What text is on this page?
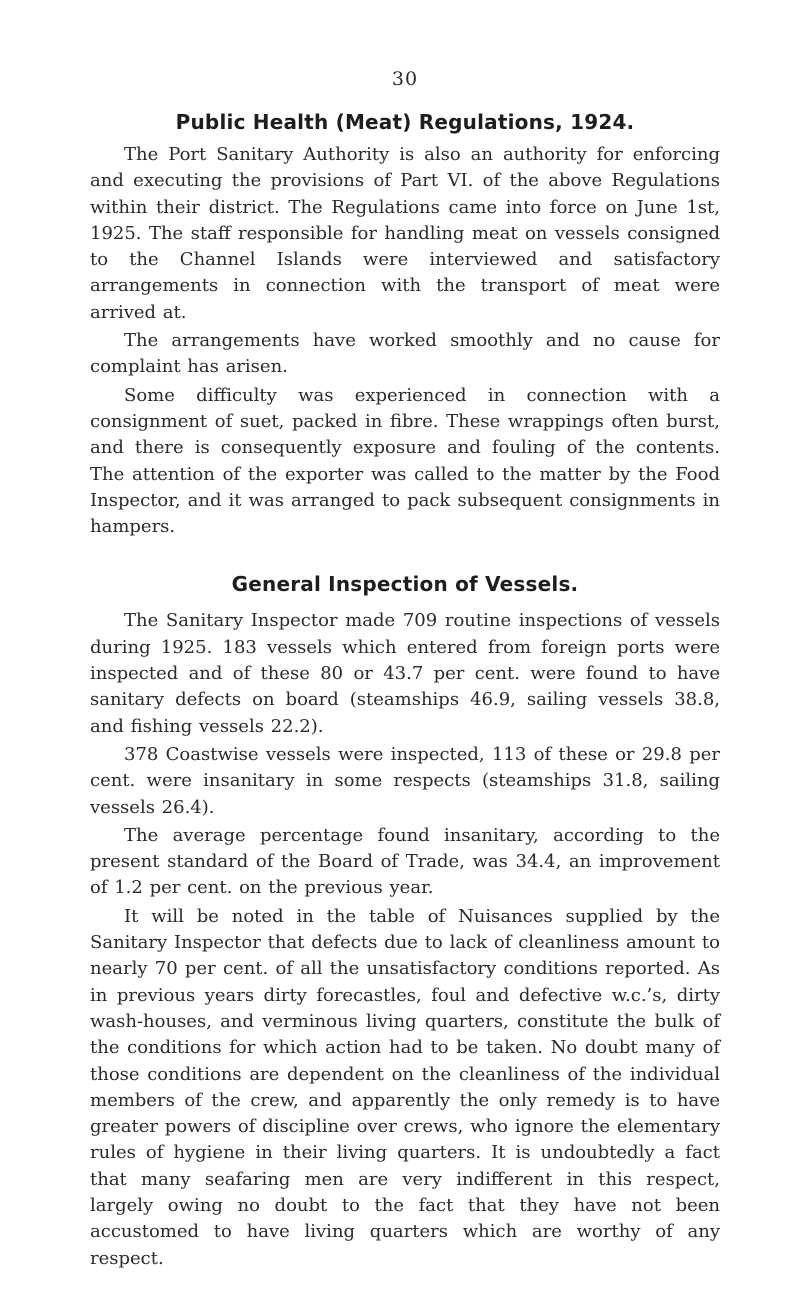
30
Public Health (Meat) Regulations, 1924.

The Port Sanitary Authority is also an authority for enforcing and executing the provisions of Part VI. of the above Regulations within their district. The Regulations came into force on June 1st, 1925. The staff responsible for handling meat on vessels consigned to the Channel Islands were interviewed and satisfactory arrangements in connection with the transport of meat were arrived at.

The arrangements have worked smoothly and no cause for complaint has arisen.

Some difficulty was experienced in connection with a consignment of suet, packed in fibre. These wrappings often burst, and there is consequently exposure and fouling of the contents. The attention of the exporter was called to the matter by the Food Inspector, and it was arranged to pack subsequent consignments in hampers.

General Inspection of Vessels.

The Sanitary Inspector made 709 routine inspections of vessels during 1925. 183 vessels which entered from foreign ports were inspected and of these 80 or 43.7 per cent. were found to have sanitary defects on board (steamships 46.9, sailing vessels 38.8, and fishing vessels 22.2).

378 Coastwise vessels were inspected, 113 of these or 29.8 per cent. were insanitary in some respects (steamships 31.8, sailing vessels 26.4).

The average percentage found insanitary, according to the present standard of the Board of Trade, was 34.4, an improvement of 1.2 per cent. on the previous year.

It will be noted in the table of Nuisances supplied by the Sanitary Inspector that defects due to lack of cleanliness amount to nearly 70 per cent. of all the unsatisfactory conditions reported. As in previous years dirty forecastles, foul and defective w.c.’s, dirty wash-houses, and verminous living quarters, constitute the bulk of the conditions for which action had to be taken. No doubt many of those conditions are dependent on the cleanliness of the individual members of the crew, and apparently the only remedy is to have greater powers of discipline over crews, who ignore the elementary rules of hygiene in their living quarters. It is undoubtedly a fact that many seafaring men are very indifferent in this respect, largely owing no doubt to the fact that they have not been accustomed to have living quarters which are worthy of any respect.
